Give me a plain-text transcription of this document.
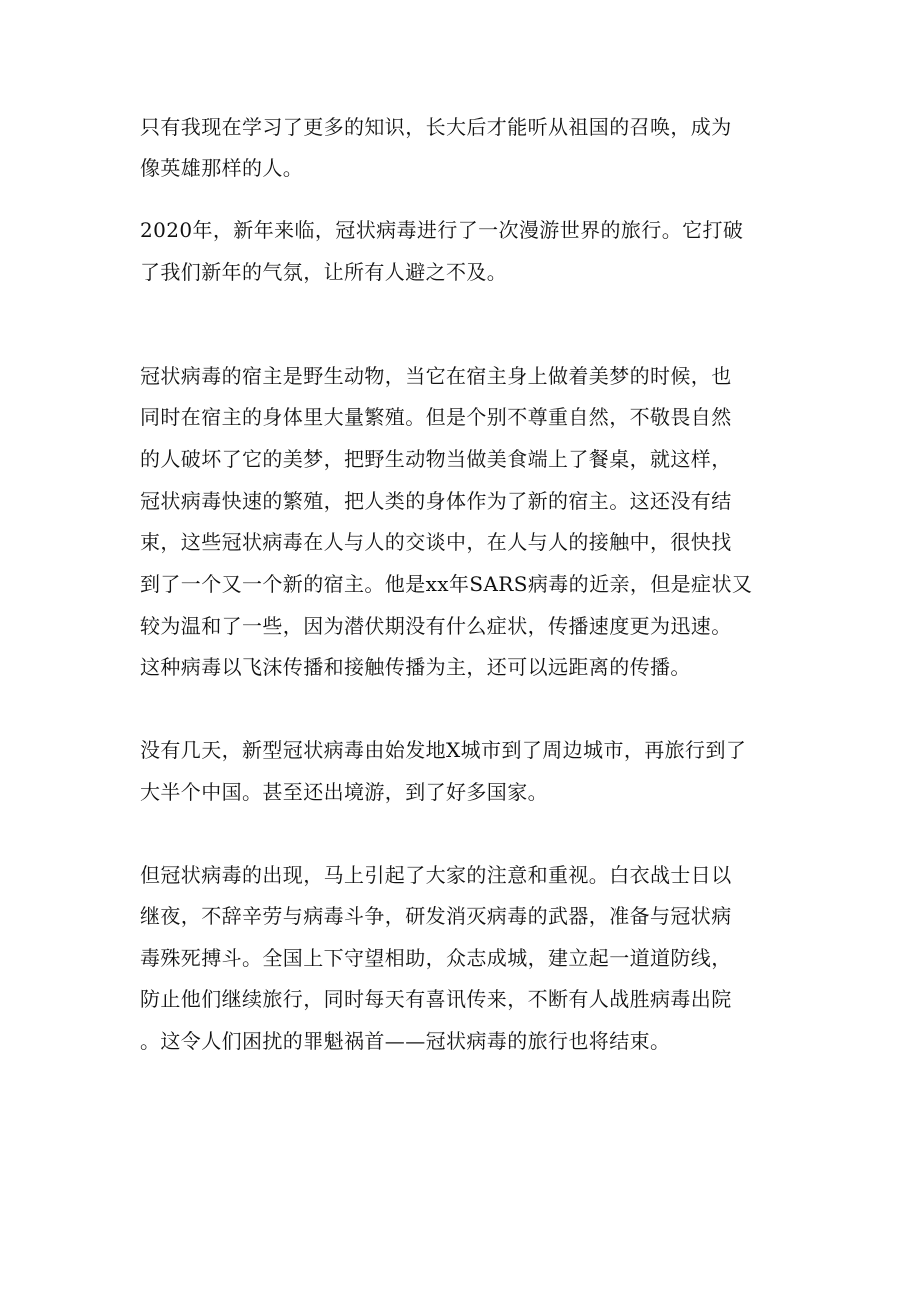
只有我现在学习了更多的知识，长大后才能听从祖国的召唤，成为
像英雄那样的人。
2020年，新年来临，冠状病毒进行了一次漫游世界的旅行。它打破
了我们新年的气氛，让所有人避之不及。
冠状病毒的宿主是野生动物，当它在宿主身上做着美梦的时候，也
同时在宿主的身体里大量繁殖。但是个别不尊重自然，不敬畏自然
的人破坏了它的美梦，把野生动物当做美食端上了餐桌，就这样，
冠状病毒快速的繁殖，把人类的身体作为了新的宿主。这还没有结
束，这些冠状病毒在人与人的交谈中，在人与人的接触中，很快找
到了一个又一个新的宿主。他是xx年SARS病毒的近亲，但是症状又
较为温和了一些，因为潜伏期没有什么症状，传播速度更为迅速。
这种病毒以飞沫传播和接触传播为主，还可以远距离的传播。
没有几天，新型冠状病毒由始发地X城市到了周边城市，再旅行到了
大半个中国。甚至还出境游，到了好多国家。
但冠状病毒的出现，马上引起了大家的注意和重视。白衣战士日以
继夜，不辞辛劳与病毒斗争，研发消灭病毒的武器，准备与冠状病
毒殊死搏斗。全国上下守望相助，众志成城，建立起一道道防线，
防止他们继续旅行，同时每天有喜讯传来，不断有人战胜病毒出院
。这令人们困扰的罪魁祸首——冠状病毒的旅行也将结束。
